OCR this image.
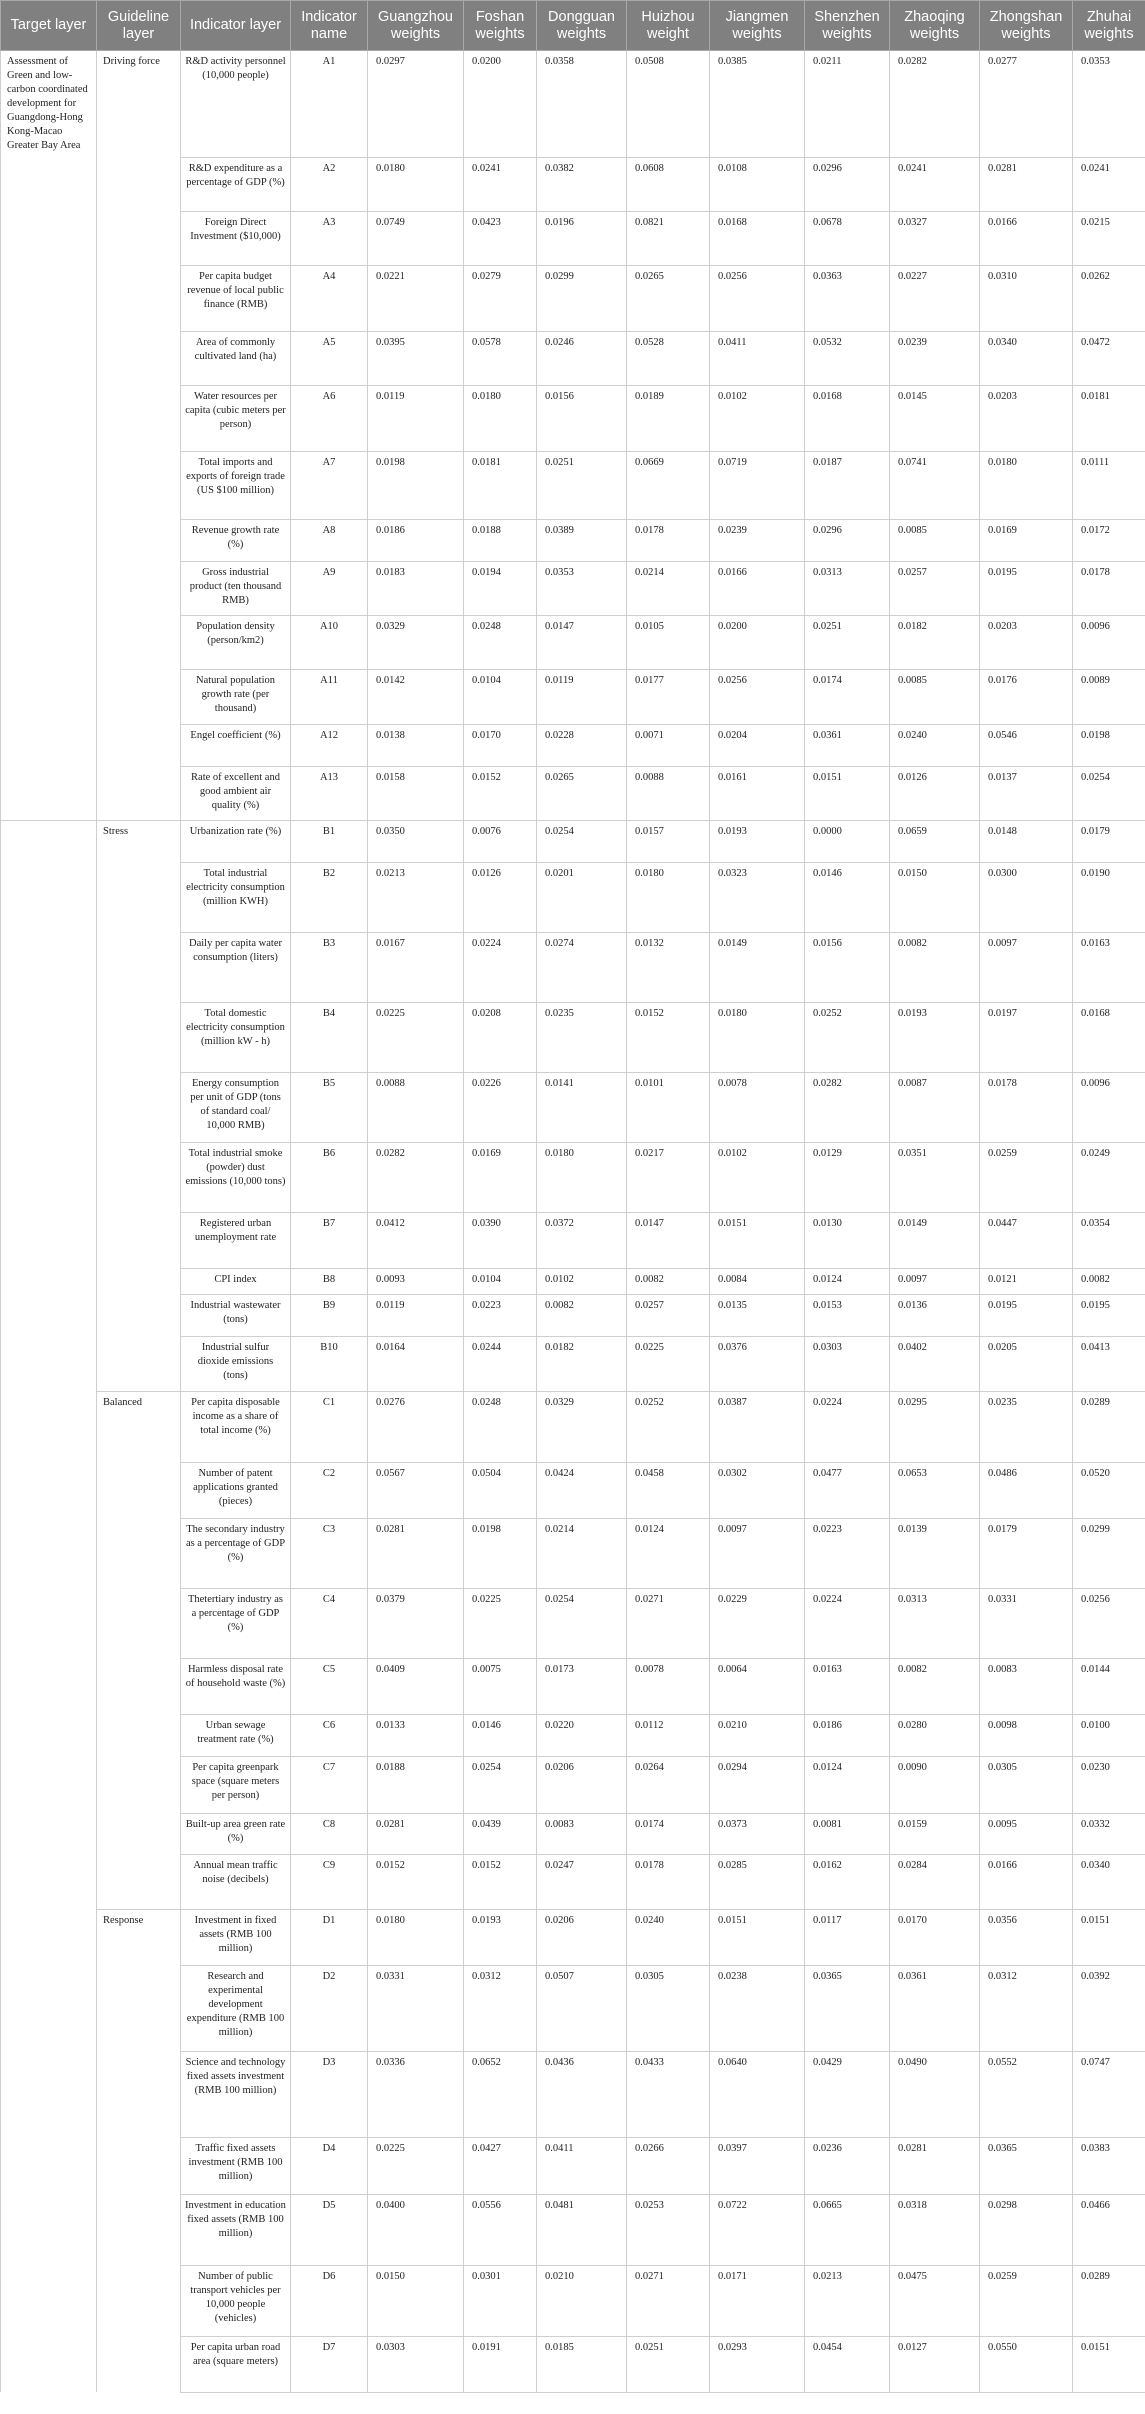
Target layer	Guideline layer	Indicator layer	Indicator name	Guangzhou weights	Foshan weights	Dongguan weights	Huizhou weight	Jiangmen weights	Shenzhen weights	Zhaoqing weights	Zhongshan weights	Zhuhai weights
Assessment of Green and low-carbon coordinated development for Guangdong-Hong Kong-Macao Greater Bay Area	Driving force	R&D activity personnel (10,000 people)	A1	0.0297	0.0200	0.0358	0.0508	0.0385	0.0211	0.0282	0.0277	0.0353
		R&D expenditure as a percentage of GDP (%)	A2	0.0180	0.0241	0.0382	0.0608	0.0108	0.0296	0.0241	0.0281	0.0241
		Foreign Direct Investment ($10,000)	A3	0.0749	0.0423	0.0196	0.0821	0.0168	0.0678	0.0327	0.0166	0.0215
		Per capita budget revenue of local public finance (RMB)	A4	0.0221	0.0279	0.0299	0.0265	0.0256	0.0363	0.0227	0.0310	0.0262
		Area of commonly cultivated land (ha)	A5	0.0395	0.0578	0.0246	0.0528	0.0411	0.0532	0.0239	0.0340	0.0472
		Water resources per capita (cubic meters per person)	A6	0.0119	0.0180	0.0156	0.0189	0.0102	0.0168	0.0145	0.0203	0.0181
		Total imports and exports of foreign trade (US $100 million)	A7	0.0198	0.0181	0.0251	0.0669	0.0719	0.0187	0.0741	0.0180	0.0111
		Revenue growth rate (%)	A8	0.0186	0.0188	0.0389	0.0178	0.0239	0.0296	0.0085	0.0169	0.0172
		Gross industrial product (ten thousand RMB)	A9	0.0183	0.0194	0.0353	0.0214	0.0166	0.0313	0.0257	0.0195	0.0178
		Population density (person/km2)	A10	0.0329	0.0248	0.0147	0.0105	0.0200	0.0251	0.0182	0.0203	0.0096
		Natural population growth rate (per thousand)	A11	0.0142	0.0104	0.0119	0.0177	0.0256	0.0174	0.0085	0.0176	0.0089
		Engel coefficient (%)	A12	0.0138	0.0170	0.0228	0.0071	0.0204	0.0361	0.0240	0.0546	0.0198
		Rate of excellent and good ambient air quality (%)	A13	0.0158	0.0152	0.0265	0.0088	0.0161	0.0151	0.0126	0.0137	0.0254
	Stress	Urbanization rate (%)	B1	0.0350	0.0076	0.0254	0.0157	0.0193	0.0000	0.0659	0.0148	0.0179
		Total industrial electricity consumption (million KWH)	B2	0.0213	0.0126	0.0201	0.0180	0.0323	0.0146	0.0150	0.0300	0.0190
		Daily per capita water consumption (liters)	B3	0.0167	0.0224	0.0274	0.0132	0.0149	0.0156	0.0082	0.0097	0.0163
		Total domestic electricity consumption (million kW - h)	B4	0.0225	0.0208	0.0235	0.0152	0.0180	0.0252	0.0193	0.0197	0.0168
		Energy consumption per unit of GDP (tons of standard coal/ 10,000 RMB)	B5	0.0088	0.0226	0.0141	0.0101	0.0078	0.0282	0.0087	0.0178	0.0096
		Total industrial smoke (powder) dust emissions (10,000 tons)	B6	0.0282	0.0169	0.0180	0.0217	0.0102	0.0129	0.0351	0.0259	0.0249
		Registered urban unemployment rate	B7	0.0412	0.0390	0.0372	0.0147	0.0151	0.0130	0.0149	0.0447	0.0354
		CPI index	B8	0.0093	0.0104	0.0102	0.0082	0.0084	0.0124	0.0097	0.0121	0.0082
		Industrial wastewater (tons)	B9	0.0119	0.0223	0.0082	0.0257	0.0135	0.0153	0.0136	0.0195	0.0195
		Industrial sulfur dioxide emissions (tons)	B10	0.0164	0.0244	0.0182	0.0225	0.0376	0.0303	0.0402	0.0205	0.0413
	Balanced	Per capita disposable income as a share of total income (%)	C1	0.0276	0.0248	0.0329	0.0252	0.0387	0.0224	0.0295	0.0235	0.0289
		Number of patent applications granted (pieces)	C2	0.0567	0.0504	0.0424	0.0458	0.0302	0.0477	0.0653	0.0486	0.0520
		The secondary industry as a percentage of GDP (%)	C3	0.0281	0.0198	0.0214	0.0124	0.0097	0.0223	0.0139	0.0179	0.0299
		Thetertiary industry as a percentage of GDP (%)	C4	0.0379	0.0225	0.0254	0.0271	0.0229	0.0224	0.0313	0.0331	0.0256
		Harmless disposal rate of household waste (%)	C5	0.0409	0.0075	0.0173	0.0078	0.0064	0.0163	0.0082	0.0083	0.0144
		Urban sewage treatment rate (%)	C6	0.0133	0.0146	0.0220	0.0112	0.0210	0.0186	0.0280	0.0098	0.0100
		Per capita greenpark space (square meters per person)	C7	0.0188	0.0254	0.0206	0.0264	0.0294	0.0124	0.0090	0.0305	0.0230
		Built-up area green rate (%)	C8	0.0281	0.0439	0.0083	0.0174	0.0373	0.0081	0.0159	0.0095	0.0332
		Annual mean traffic noise (decibels)	C9	0.0152	0.0152	0.0247	0.0178	0.0285	0.0162	0.0284	0.0166	0.0340
	Response	Investment in fixed assets (RMB 100 million)	D1	0.0180	0.0193	0.0206	0.0240	0.0151	0.0117	0.0170	0.0356	0.0151
		Research and experimental development expenditure (RMB 100 million)	D2	0.0331	0.0312	0.0507	0.0305	0.0238	0.0365	0.0361	0.0312	0.0392
		Science and technology fixed assets investment (RMB 100 million)	D3	0.0336	0.0652	0.0436	0.0433	0.0640	0.0429	0.0490	0.0552	0.0747
		Traffic fixed assets investment (RMB 100 million)	D4	0.0225	0.0427	0.0411	0.0266	0.0397	0.0236	0.0281	0.0365	0.0383
		Investment in education fixed assets (RMB 100 million)	D5	0.0400	0.0556	0.0481	0.0253	0.0722	0.0665	0.0318	0.0298	0.0466
		Number of public transport vehicles per 10,000 people (vehicles)	D6	0.0150	0.0301	0.0210	0.0271	0.0171	0.0213	0.0475	0.0259	0.0289
		Per capita urban road area (square meters)	D7	0.0303	0.0191	0.0185	0.0251	0.0293	0.0454	0.0127	0.0550	0.0151
